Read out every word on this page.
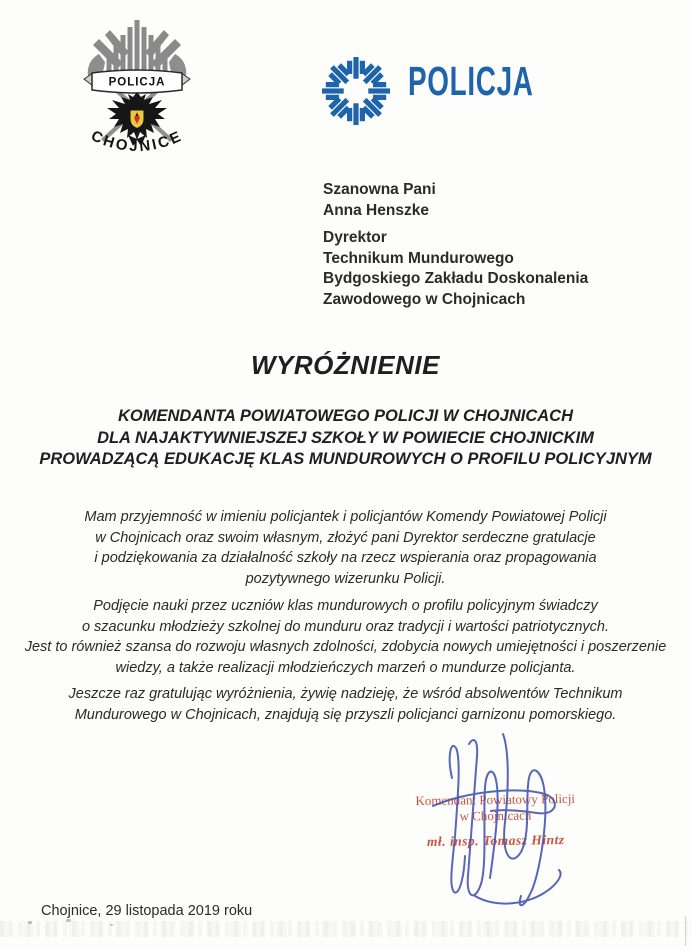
POLICJA
CHOJNICE
POLICJA
Szanowna Pani
Anna Henszke
Dyrektor
Technikum Mundurowego
Bydgoskiego Zakładu Doskonalenia
Zawodowego w Chojnicach
WYRÓŻNIENIE
KOMENDANTA POWIATOWEGO POLICJI W CHOJNICACH
DLA NAJAKTYWNIEJSZEJ SZKOŁY W POWIECIE CHOJNICKIM
PROWADZĄCĄ EDUKACJĘ KLAS MUNDUROWYCH O PROFILU POLICYJNYM
Mam przyjemność w imieniu policjantek i policjantów Komendy Powiatowej Policji
w Chojnicach oraz swoim własnym, złożyć pani Dyrektor serdeczne gratulacje
i podziękowania za działalność szkoły na rzecz wspierania oraz propagowania
pozytywnego wizerunku Policji.
Podjęcie nauki przez uczniów klas mundurowych o profilu policyjnym świadczy
o szacunku młodzieży szkolnej do munduru oraz tradycji i wartości patriotycznych.
Jest to również szansa do rozwoju własnych zdolności, zdobycia nowych umiejętności i poszerzenie
wiedzy, a także realizacji młodzieńczych marzeń o mundurze policjanta.
Jeszcze raz gratulując wyróżnienia, żywię nadzieję, że wśród absolwentów Technikum
Mundurowego w Chojnicach, znajdują się przyszli policjanci garnizonu pomorskiego.
Komendant Powiatowy Policji
w Chojnicach
mł. insp. Tomasz Hintz
Chojnice, 29 listopada 2019 roku
